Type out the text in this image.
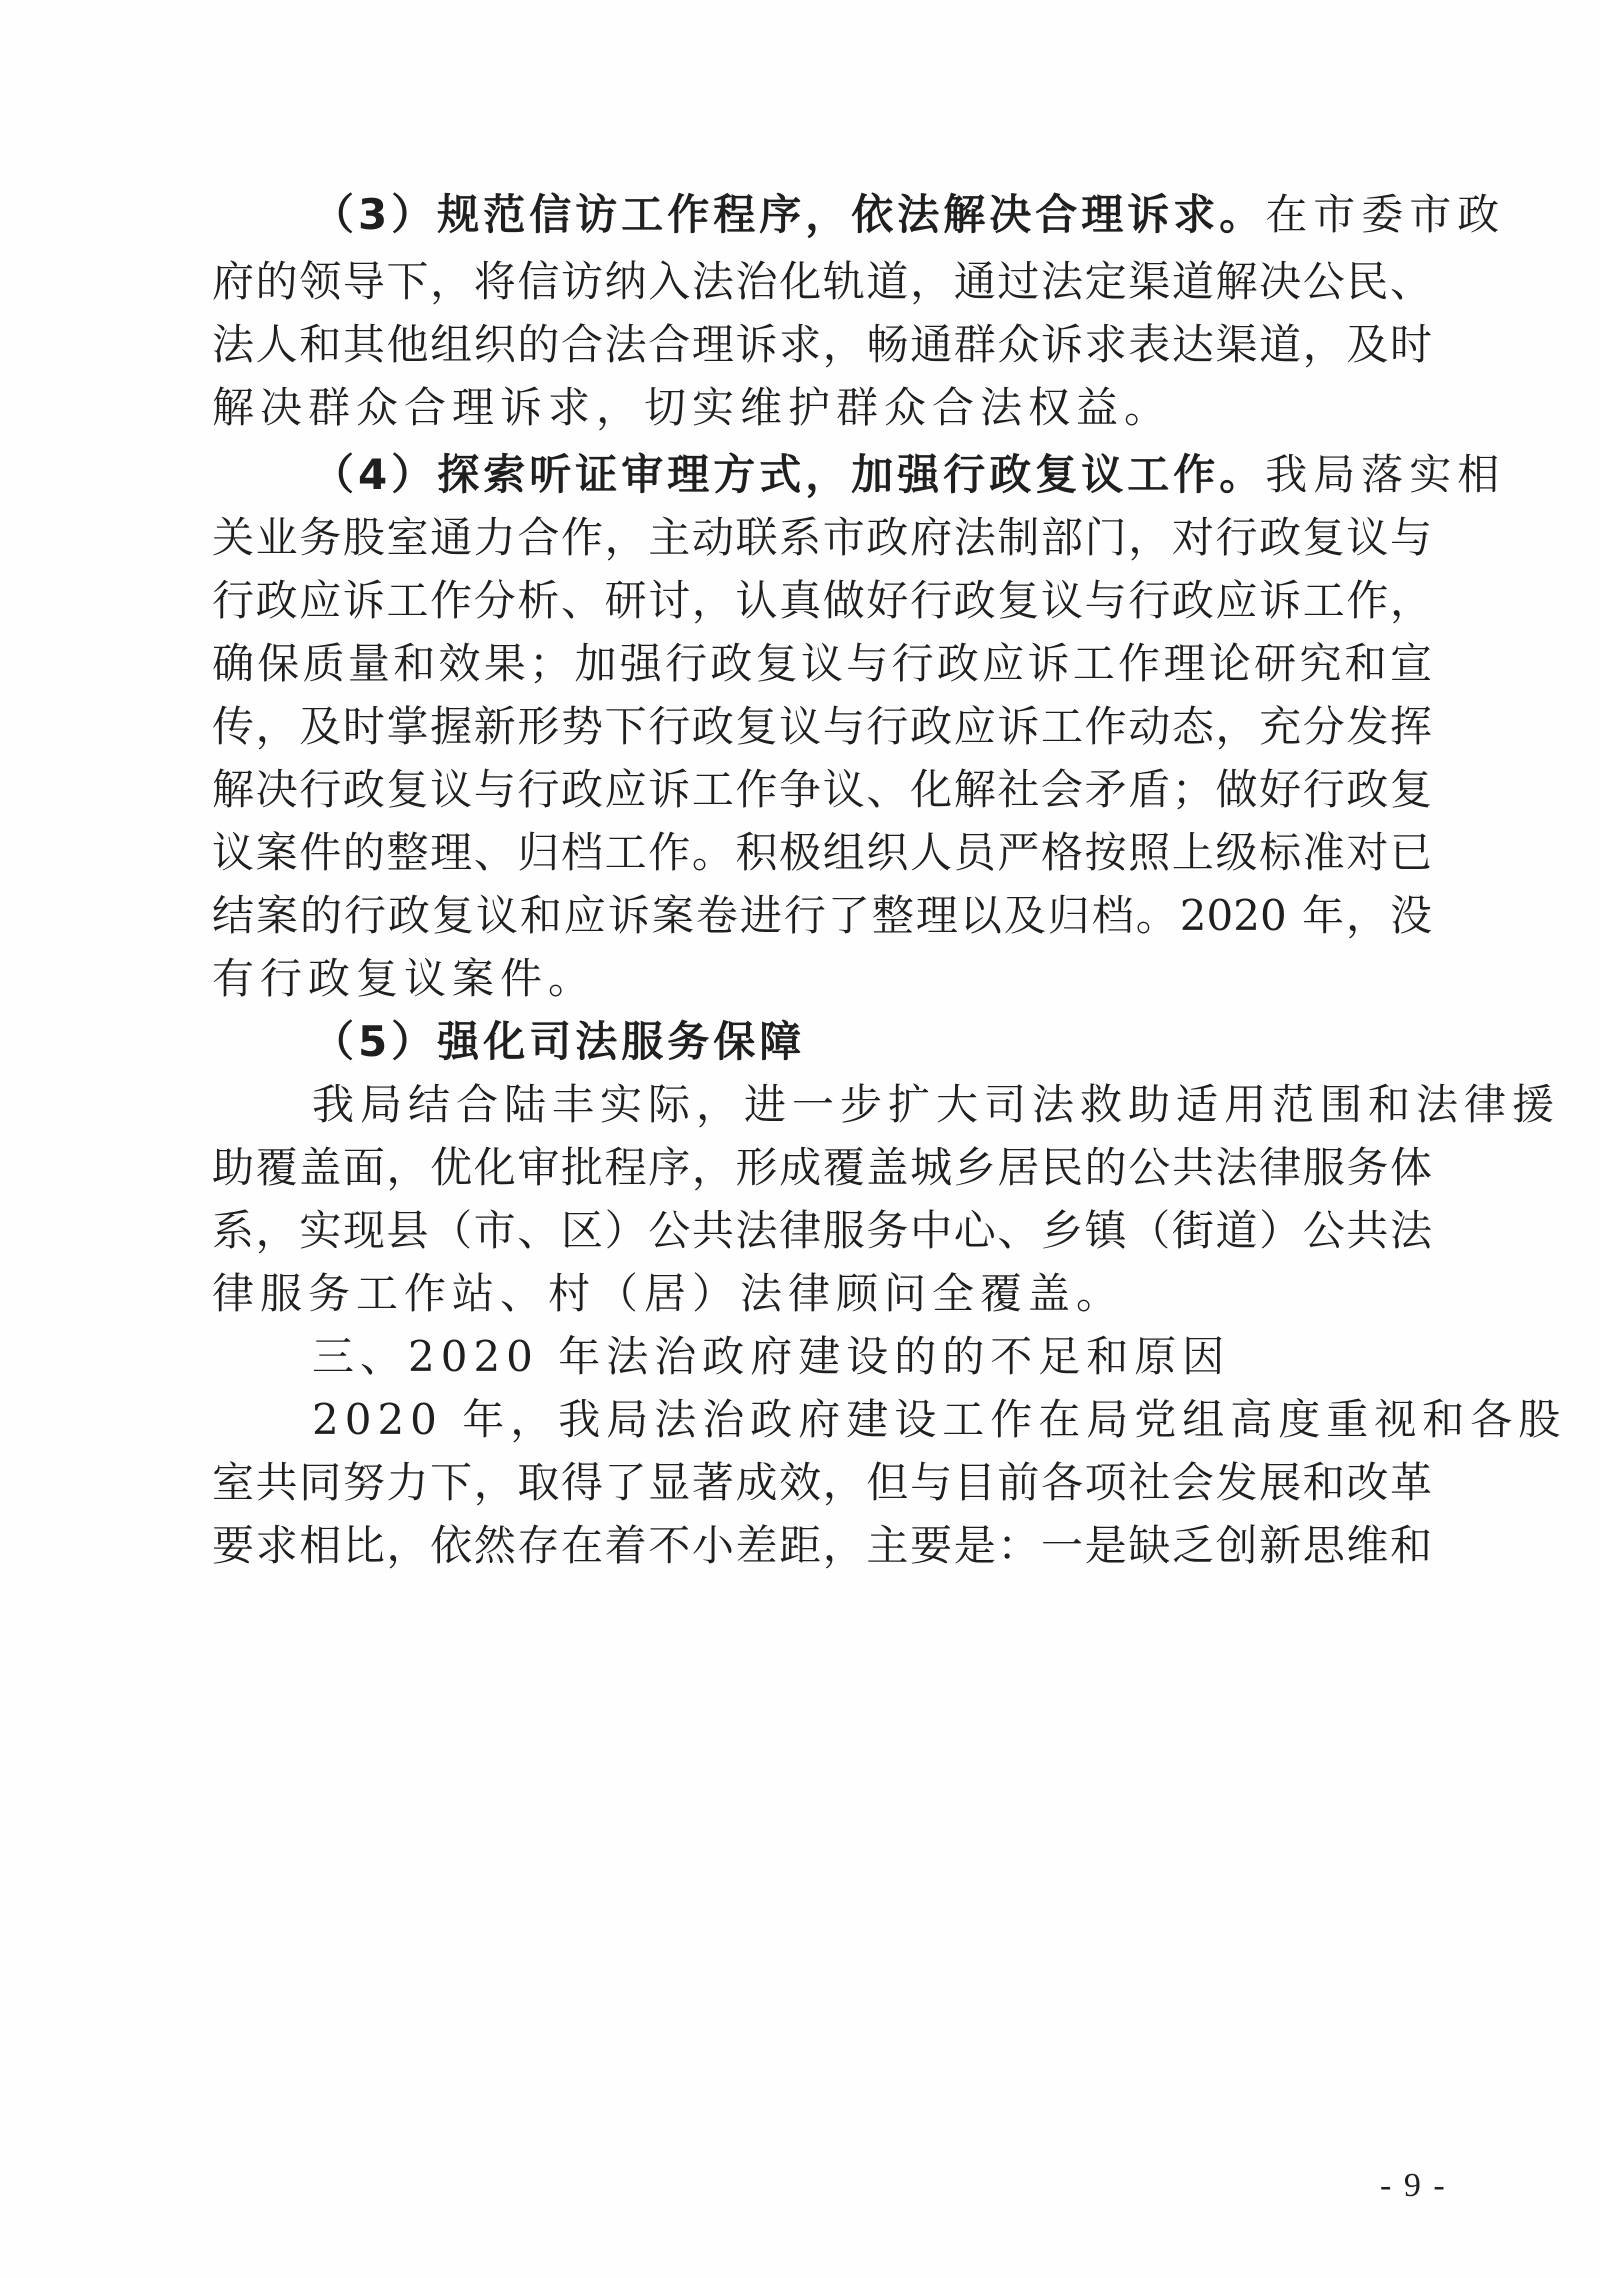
（3）规范信访工作程序，依法解决合理诉求。在市委市政
府的领导下，将信访纳入法治化轨道，通过法定渠道解决公民、
法人和其他组织的合法合理诉求，畅通群众诉求表达渠道，及时
解决群众合理诉求，切实维护群众合法权益。
（4）探索听证审理方式，加强行政复议工作。我局落实相
关业务股室通力合作，主动联系市政府法制部门，对行政复议与
行政应诉工作分析、研讨，认真做好行政复议与行政应诉工作，
确保质量和效果；加强行政复议与行政应诉工作理论研究和宣
传，及时掌握新形势下行政复议与行政应诉工作动态，充分发挥
解决行政复议与行政应诉工作争议、化解社会矛盾；做好行政复
议案件的整理、归档工作。积极组织人员严格按照上级标准对已
结案的行政复议和应诉案卷进行了整理以及归档。2020 年，没
有行政复议案件。
（5）强化司法服务保障
我局结合陆丰实际，进一步扩大司法救助适用范围和法律援
助覆盖面，优化审批程序，形成覆盖城乡居民的公共法律服务体
系，实现县（市、区）公共法律服务中心、乡镇（街道）公共法
律服务工作站、村（居）法律顾问全覆盖。
三、2020 年法治政府建设的的不足和原因
2020 年，我局法治政府建设工作在局党组高度重视和各股
室共同努力下，取得了显著成效，但与目前各项社会发展和改革
要求相比，依然存在着不小差距，主要是：一是缺乏创新思维和
- 9 -
